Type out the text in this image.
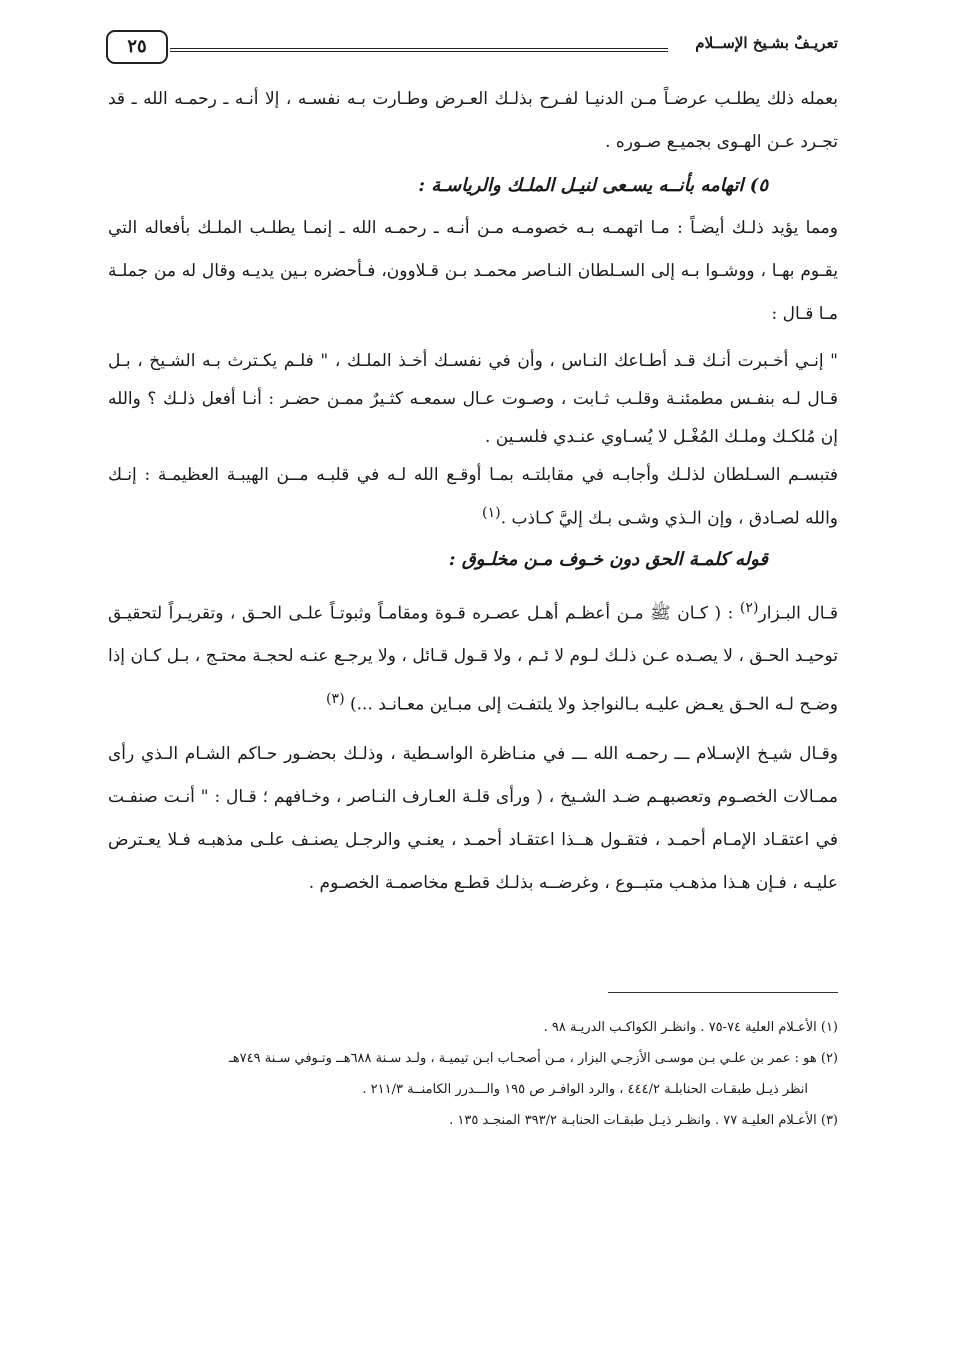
تعريـفٌ بشـيخ الإســلام
٢٥

بعمله ذلك يطلـب عرضـاً مـن الدنيـا لفـرح بذلـك العـرض وطـارت بـه نفسـه ، إلا أنـه ـ رحمـه الله ـ قد تجـرد عـن الهـوى بجميـع صـوره .

٥) اتهامه بأنــه يسـعى لنيـل الملـك والرياسـة :

ومما يؤيد ذلـك أيضـاً : مـا اتهمـه بـه خصومـه مـن أنـه ـ رحمـه الله ـ إنمـا يطلـب الملـك بأفعاله التي يقـوم بهـا ، ووشـوا بـه إلى السـلطان النـاصر محمـد بـن قـلاوون، فـأحضره بـين يديـه وقال له من جملـة مـا قـال :

" إنـي أخـبرت أنـك قـد أطـاعك النـاس ، وأن في نفسـك أخـذ الملـك ، " فلـم يكـترث بـه الشـيخ ، بـل قـال لـه بنفـس مطمئنـة وقلـب ثـابت ، وصـوت عـال سمعـه كثـيرٌ ممـن حضـر : أنـا أفعل ذلـك ؟ والله إن مُلكـك وملـك المُغْـل لا يُسـاوي عنـدي فلسـين .

فتبسـم السـلطان لذلـك وأجابـه في مقابلتـه بمـا أوقـع الله لـه في قلبـه مــن الهيبـة العظيمـة : إنـك والله لصـادق ، وإن الـذي وشـى بـك إليَّ كـاذب .$^{(١)}$

قوله كلمـة الحق دون خـوف مـن مخلـوق :

قـال البـزار$^{(٢)}$ : ( كـان ﷺ مـن أعظـم أهـل عصـره قـوة ومقامـاً وثبوتـاً علـى الحـق ، وتقريـراً لتحقيـق توحيـد الحـق ، لا يصـده عـن ذلـك لـوم لا ئـم ، ولا قـول قـائل ، ولا يرجـع عنـه لحجـة محتـج ، بـل كـان إذا وضـح لـه الحـق يعـض عليـه بـالنواجذ ولا يلتفـت إلى مبـاين معـانـد ...) $^{(٣)}$

وقـال شيـخ الإسـلام ـــ رحمـه الله ـــ في منـاظرة الواسـطية ، وذلـك بحضـور حـاكم الشـام الـذي رأى ممـالات الخصـوم وتعصبهـم ضـد الشـيخ ، ( ورأى قلـة العـارف النـاصر ، وخـافهم ؛ قـال : " أنـت صنفـت في اعتقـاد الإمـام أحمـد ، فتقـول هــذا اعتقـاد أحمـد ، يعنـي والرجـل يصنـف علـى مذهبـه فـلا يعـترض عليـه ، فـإن هـذا مذهـب متبــوع ، وغرضــه بذلـك قطـع مخاصمـة الخصـوم .

(١) الأعـلام العلية ٧٤-٧٥ . وانظـر الكواكـب الدريـة ٩٨ .

(٢) هو : عمر بن علـي بـن موسـى الأزجـي البزار ، مـن أصحـاب ابـن تيميـة ، ولـد سـنة ٦٨٨هــ وتـوفي سـنة ٧٤٩هـ

انظر ذيـل طبقـات الحنابلـة ٤٤٤/٢ ، والرد الوافـر ص ١٩٥ والـــدرر الكامنــة ٢١١/٣ .

(٣) الأعـلام العليـة ٧٧ . وانظـر ذيـل طبقـات الحنابـة ٣٩٣/٢ المنجـد ١٣٥ .
